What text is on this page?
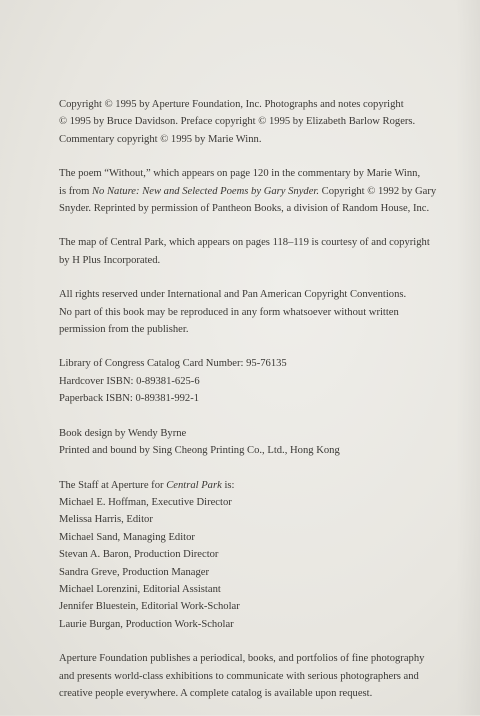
Copyright © 1995 by Aperture Foundation, Inc. Photographs and notes copyright
© 1995 by Bruce Davidson. Preface copyright © 1995 by Elizabeth Barlow Rogers.
Commentary copyright © 1995 by Marie Winn.
The poem “Without,” which appears on page 120 in the commentary by Marie Winn,
is from No Nature: New and Selected Poems by Gary Snyder. Copyright © 1992 by Gary
Snyder. Reprinted by permission of Pantheon Books, a division of Random House, Inc.
The map of Central Park, which appears on pages 118–119 is courtesy of and copyright
by H Plus Incorporated.
All rights reserved under International and Pan American Copyright Conventions.
No part of this book may be reproduced in any form whatsoever without written
permission from the publisher.
Library of Congress Catalog Card Number: 95-76135
Hardcover ISBN: 0-89381-625-6
Paperback ISBN: 0-89381-992-1
Book design by Wendy Byrne
Printed and bound by Sing Cheong Printing Co., Ltd., Hong Kong
The Staff at Aperture for Central Park is:
Michael E. Hoffman, Executive Director
Melissa Harris, Editor
Michael Sand, Managing Editor
Stevan A. Baron, Production Director
Sandra Greve, Production Manager
Michael Lorenzini, Editorial Assistant
Jennifer Bluestein, Editorial Work-Scholar
Laurie Burgan, Production Work-Scholar
Aperture Foundation publishes a periodical, books, and portfolios of fine photography
and presents world-class exhibitions to communicate with serious photographers and
creative people everywhere. A complete catalog is available upon request.
